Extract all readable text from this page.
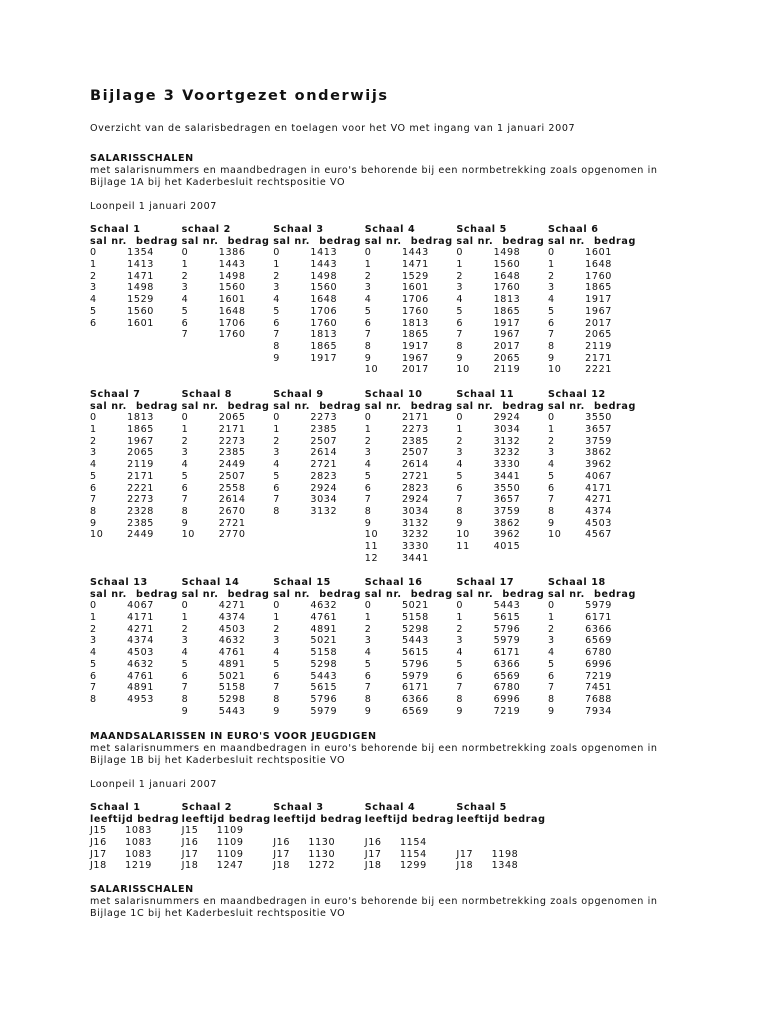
Bijlage 3 Voortgezet onderwijs
Overzicht van de salarisbedragen en toelagen voor het VO met ingang van 1 januari 2007
SALARISSCHALEN
met salarisnummers en maandbedragen in euro's behorende bij een normbetrekking zoals opgenomen in
Bijlage 1A bij het Kaderbesluit rechtspositie VO
Loonpeil 1 januari 2007
Schaal 1
sal nr. bedrag
0	1354
1	1413
2	1471
3	1498
4	1529
5	1560
6	1601
schaal 2
sal nr. bedrag
0	1386
1	1443
2	1498
3	1560
4	1601
5	1648
6	1706
7	1760
Schaal 3
sal nr. bedrag
0	1413
1	1443
2	1498
3	1560
4	1648
5	1706
6	1760
7	1813
8	1865
9	1917
Schaal 4
sal nr. bedrag
0	1443
1	1471
2	1529
3	1601
4	1706
5	1760
6	1813
7	1865
8	1917
9	1967
10 2017
Schaal 5
sal nr. bedrag
0	1498
1	1560
2	1648
3	1760
4	1813
5	1865
6	1917
7	1967
8	2017
9	2065
10 2119
Schaal 6
sal nr. bedrag
0	1601
1	1648
2	1760
3	1865
4	1917
5	1967
6	2017
7	2065
8	2119
9	2171
10 2221
Schaal 7
sal nr. bedrag
0	1813
1	1865
2	1967
3	2065
4	2119
5	2171
6	2221
7	2273
8	2328
9	2385
10 2449
Schaal 8
sal nr. bedrag
0	2065
1	2171
2	2273
3	2385
4	2449
5	2507
6	2558
7	2614
8	2670
9	2721
10 2770
Schaal 9
sal nr. bedrag
0	2273
1	2385
2	2507
3	2614
4	2721
5	2823
6	2924
7	3034
8	3132
Schaal 10
sal nr. bedrag
0	2171
1	2273
2	2385
3	2507
4	2614
5	2721
6	2823
7	2924
8	3034
9	3132
10 3232
11 3330
12 3441
Schaal 11
sal nr. bedrag
0	2924
1	3034
2	3132
3	3232
4	3330
5	3441
6	3550
7	3657
8	3759
9	3862
10 3962
11 4015
Schaal 12
sal nr. bedrag
0	3550
1	3657
2	3759
3	3862
4	3962
5	4067
6	4171
7	4271
8	4374
9	4503
10 4567
Schaal 13
sal nr. bedrag
0	4067
1	4171
2	4271
3	4374
4	4503
5	4632
6	4761
7	4891
8	4953
Schaal 14
sal nr. bedrag
0	4271
1	4374
2	4503
3	4632
4	4761
5	4891
6	5021
7	5158
8	5298
9	5443
Schaal 15
sal nr. bedrag
0	4632
1	4761
2	4891
3	5021
4	5158
5	5298
6	5443
7	5615
8	5796
9	5979
Schaal 16
sal nr. bedrag
0	5021
1	5158
2	5298
3	5443
4	5615
5	5796
6	5979
7	6171
8	6366
9	6569
Schaal 17
sal nr. bedrag
0	5443
1	5615
2	5796
3	5979
4	6171
5	6366
6	6569
7	6780
8	6996
9	7219
Schaal 18
sal nr. bedrag
0	5979
1	6171
2	6366
3	6569
4	6780
5	6996
6	7219
7	7451
8	7688
9	7934
MAANDSALARISSEN IN EURO'S VOOR JEUGDIGEN
met salarisnummers en maandbedragen in euro's behorende bij een normbetrekking zoals opgenomen in
Bijlage 1B bij het Kaderbesluit rechtspositie VO
Loonpeil 1 januari 2007
Schaal 1
leeftijd bedrag
J15 1083
J16 1083
J17 1083
J18 1219
Schaal 2
leeftijd bedrag
J15 1109
J16 1109
J17 1109
J18 1247
Schaal 3
leeftijd bedrag
J16 1130
J17 1130
J18 1272
Schaal 4
leeftijd bedrag
J16 1154
J17 1154
J18 1299
Schaal 5
leeftijd bedrag
J17 1198
J18 1348
SALARISSCHALEN
met salarisnummers en maandbedragen in euro's behorende bij een normbetrekking zoals opgenomen in
Bijlage 1C bij het Kaderbesluit rechtspositie VO
